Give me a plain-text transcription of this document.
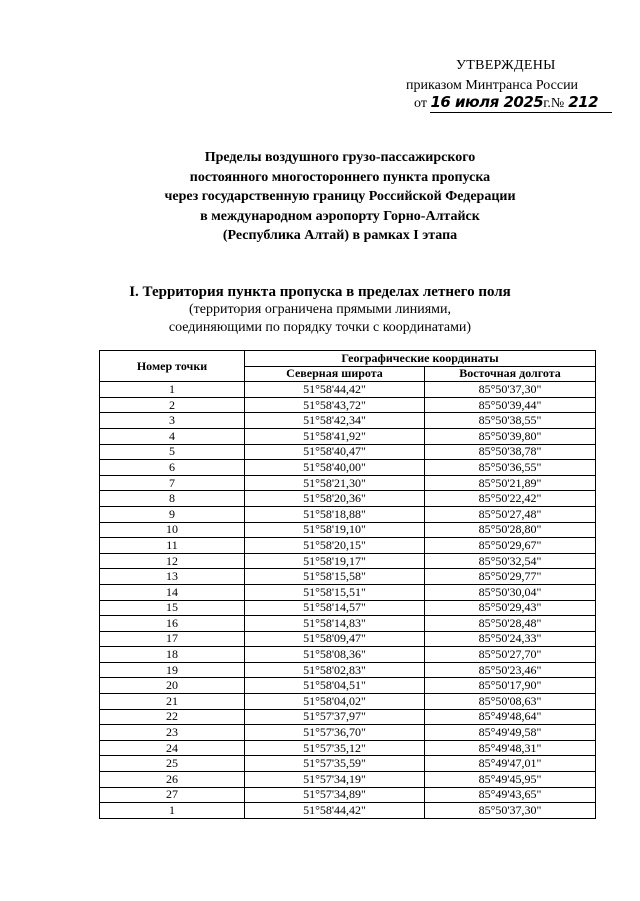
УТВЕРЖДЕНЫ
приказом Минтранса России
от 16 июля 2025г.№ 212
Пределы воздушного грузо-пассажирского
постоянного многостороннего пункта пропуска
через государственную границу Российской Федерации
в международном аэропорту Горно-Алтайск
(Республика Алтай) в рамках I этапа
I. Территория пункта пропуска в пределах летнего поля
(территория ограничена прямыми линиями,
соединяющими по порядку точки с координатами)
Номер точки	Географические координаты	
	Северная широта	Восточная долгота
1	51°58'44,42"	85°50'37,30"
2	51°58'43,72"	85°50'39,44"
3	51°58'42,34"	85°50'38,55"
4	51°58'41,92"	85°50'39,80"
5	51°58'40,47"	85°50'38,78"
6	51°58'40,00"	85°50'36,55"
7	51°58'21,30"	85°50'21,89"
8	51°58'20,36"	85°50'22,42"
9	51°58'18,88"	85°50'27,48"
10	51°58'19,10"	85°50'28,80"
11	51°58'20,15"	85°50'29,67"
12	51°58'19,17"	85°50'32,54"
13	51°58'15,58"	85°50'29,77"
14	51°58'15,51"	85°50'30,04"
15	51°58'14,57"	85°50'29,43"
16	51°58'14,83"	85°50'28,48"
17	51°58'09,47"	85°50'24,33"
18	51°58'08,36"	85°50'27,70"
19	51°58'02,83"	85°50'23,46"
20	51°58'04,51"	85°50'17,90"
21	51°58'04,02"	85°50'08,63"
22	51°57'37,97"	85°49'48,64"
23	51°57'36,70"	85°49'49,58"
24	51°57'35,12"	85°49'48,31"
25	51°57'35,59"	85°49'47,01"
26	51°57'34,19"	85°49'45,95"
27	51°57'34,89"	85°49'43,65"
1	51°58'44,42"	85°50'37,30"
